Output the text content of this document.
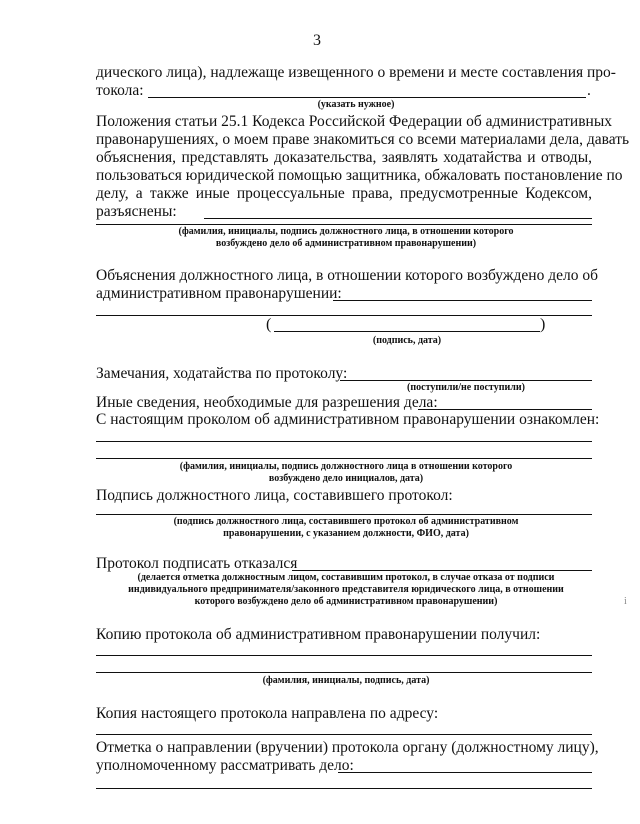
3
дического лица), надлежаще извещенного о времени и месте составления про-
токола:	.
(указать нужное)
Положения статьи 25.1 Кодекса Российской Федерации об административных
правонарушениях, о моем праве знакомиться со всеми материалами дела, давать
объяснения, представлять доказательства, заявлять ходатайства и отводы,
пользоваться юридической помощью защитника, обжаловать постановление по
делу, а также иные процессуальные права, предусмотренные Кодексом,
разъяснены:
(фамилия, инициалы, подпись должностного лица, в отношении которого
возбуждено дело об административном правонарушении)
Объяснения должностного лица, в отношении которого возбуждено дело об
административном правонарушении:
(	)
(подпись, дата)
Замечания, ходатайства по протоколу:
(поступили/не поступили)
Иные сведения, необходимые для разрешения дела:
С настоящим проколом об административном правонарушении ознакомлен:
(фамилия, инициалы, подпись должностного лица в отношении которого
возбуждено дело инициалов, дата)
Подпись должностного лица, составившего протокол:
(подпись должностного лица, составившего протокол об административном
правонарушении, с указанием должности, ФИО, дата)
Протокол подписать отказался
(делается отметка должностным лицом, составившим протокол, в случае отказа от подписи
индивидуального предпринимателя/законного представителя юридического лица, в отношении
которого возбуждено дело об административном правонарушении)	i
Копию протокола об административном правонарушении получил:
(фамилия, инициалы, подпись, дата)
Копия настоящего протокола направлена по адресу:
Отметка о направлении (вручении) протокола органу (должностному лицу),
уполномоченному рассматривать дело:
